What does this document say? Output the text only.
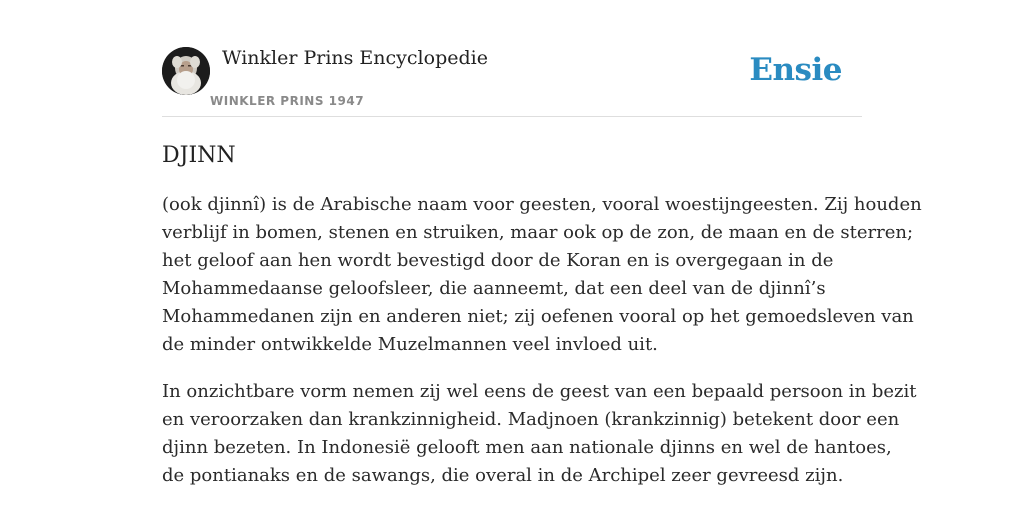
Winkler Prins Encyclopedie
WINKLER PRINS 1947
Ensie
DJINN

(ook djinnî) is de Arabische naam voor geesten, vooral woestijngeesten. Zij houden
verblijf in bomen, stenen en struiken, maar ook op de zon, de maan en de sterren;
het geloof aan hen wordt bevestigd door de Koran en is overgegaan in de
Mohammedaanse geloofsleer, die aanneemt, dat een deel van de djinnî’s
Mohammedanen zijn en anderen niet; zij oefenen vooral op het gemoedsleven van
de minder ontwikkelde Muzelmannen veel invloed uit.

In onzichtbare vorm nemen zij wel eens de geest van een bepaald persoon in bezit
en veroorzaken dan krankzinnigheid. Madjnoen (krankzinnig) betekent door een
djinn bezeten. In Indonesië gelooft men aan nationale djinns en wel de hantoes,
de pontianaks en de sawangs, die overal in de Archipel zeer gevreesd zijn.
